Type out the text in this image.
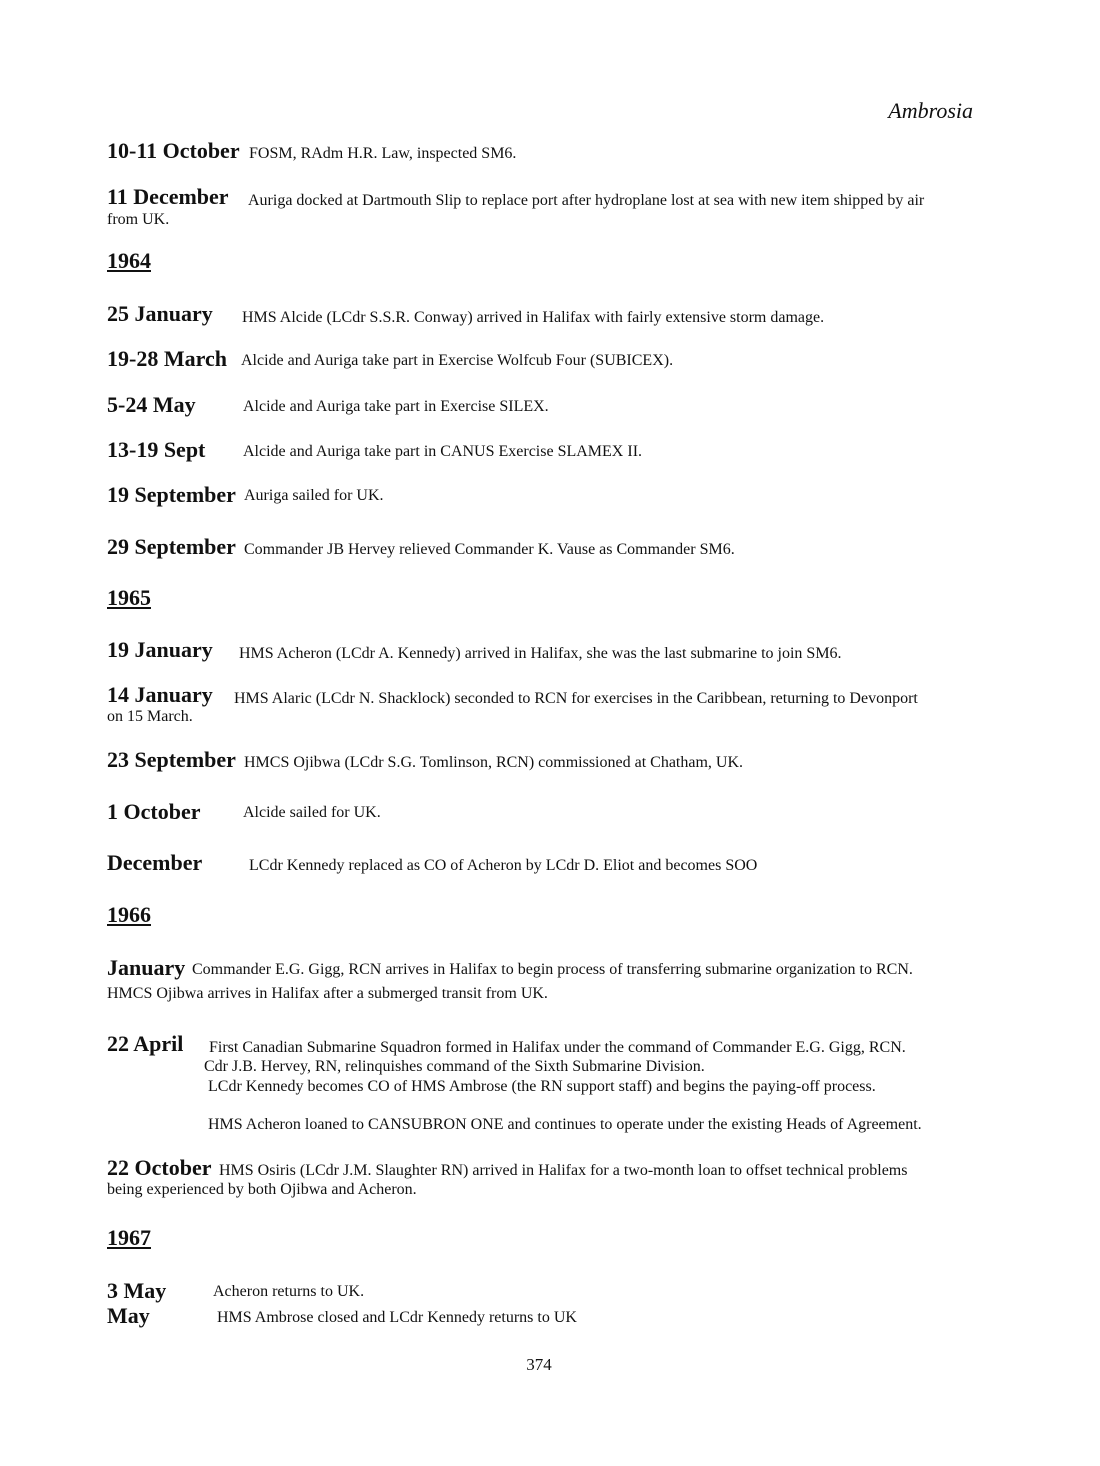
Ambrosia
10-11 October FOSM, RAdm H.R. Law, inspected SM6.
11 December Auriga docked at Dartmouth Slip to replace port after hydroplane lost at sea with new item shipped by air
from UK.
1964
25 January HMS Alcide (LCdr S.S.R. Conway) arrived in Halifax with fairly extensive storm damage.
19-28 March Alcide and Auriga take part in Exercise Wolfcub Four (SUBICEX).
5-24 May	Alcide and Auriga take part in Exercise SILEX.
13-19 Sept Alcide and Auriga take part in CANUS Exercise SLAMEX II.
19 September Auriga sailed for UK.
29 September Commander JB Hervey relieved Commander K. Vause as Commander SM6.
1965
19 January HMS Acheron (LCdr A. Kennedy) arrived in Halifax, she was the last submarine to join SM6.
14 January HMS Alaric (LCdr N. Shacklock) seconded to RCN for exercises in the Caribbean, returning to Devonport
on 15 March.
23 September HMCS Ojibwa (LCdr S.G. Tomlinson, RCN) commissioned at Chatham, UK.
1 October	Alcide sailed for UK.
December	LCdr Kennedy replaced as CO of Acheron by LCdr D. Eliot and becomes SOO
1966
January Commander E.G. Gigg, RCN arrives in Halifax to begin process of transferring submarine organization to RCN.
HMCS Ojibwa arrives in Halifax after a submerged transit from UK.
22 April First Canadian Submarine Squadron formed in Halifax under the command of Commander E.G. Gigg, RCN.
Cdr J.B. Hervey, RN, relinquishes command of the Sixth Submarine Division.
LCdr Kennedy becomes CO of HMS Ambrose (the RN support staff) and begins the paying-off process.
HMS Acheron loaned to CANSUBRON ONE and continues to operate under the existing Heads of Agreement.
22 October HMS Osiris (LCdr J.M. Slaughter RN) arrived in Halifax for a two-month loan to offset technical problems
being experienced by both Ojibwa and Acheron.
1967
3 May	Acheron returns to UK.
May	HMS Ambrose closed and LCdr Kennedy returns to UK
374
